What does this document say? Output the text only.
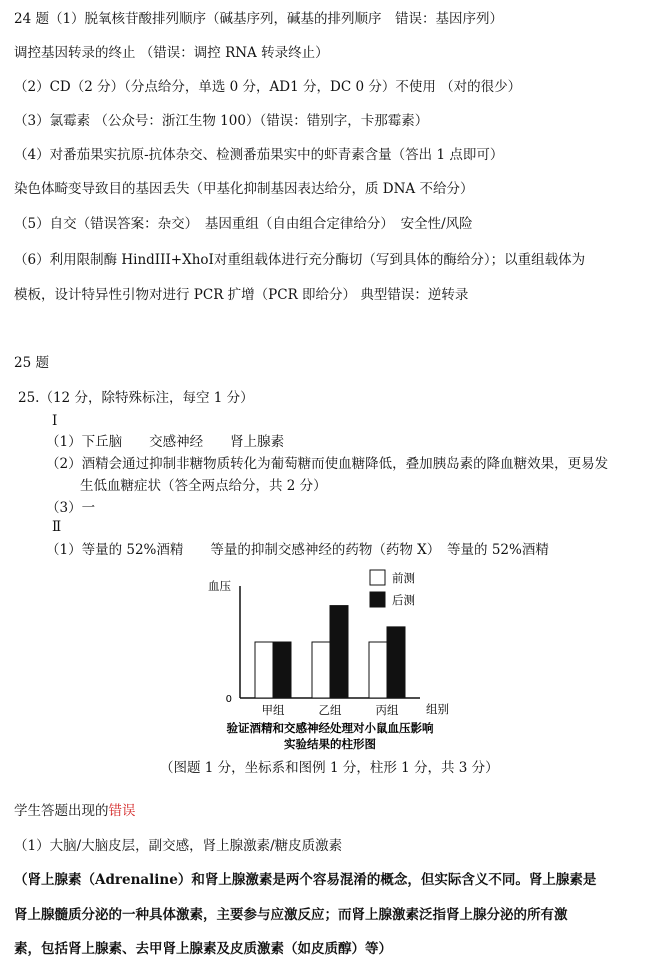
24 题（1）脱氧核苷酸排列顺序（碱基序列，碱基的排列顺序　错误：基因序列）
调控基因转录的终止 （错误：调控 RNA 转录终止）
（2）CD（2 分）（分点给分，单选 0 分，AD1 分，DC 0 分）不使用 （对的很少）
（3）氯霉素 （公众号：浙江生物 100）（错误：错别字，卡那霉素）
（4）对番茄果实抗原-抗体杂交、检测番茄果实中的虾青素含量（答出 1 点即可）
染色体畸变导致目的基因丢失（甲基化抑制基因表达给分，质 DNA 不给分）
（5）自交（错误答案：杂交）　基因重组（自由组合定律给分）　安全性/风险
（6）利用限制酶 HindIII+XhoI对重组载体进行充分酶切（写到具体的酶给分）；以重组载体为
模板，设计特异性引物对进行 PCR 扩增（PCR 即给分） 典型错误：逆转录
25 题
25.（12 分，除特殊标注，每空 1 分）
Ⅰ
（1）下丘脑　　交感神经　　肾上腺素
（2）酒精会通过抑制非糖物质转化为葡萄糖而使血糖降低，叠加胰岛素的降血糖效果，更易发
生低血糖症状（答全两点给分，共 2 分）
（3）一
Ⅱ
（1）等量的 52%酒精　　等量的抑制交感神经的药物（药物 X）　等量的 52%酒精
血压
0
组别
甲组	乙组	丙组
前测
后测
验证酒精和交感神经处理对小鼠血压影响
实验结果的柱形图
（图题 1 分，坐标系和图例 1 分，柱形 1 分，共 3 分）
学生答题出现的错误
（1）大脑/大脑皮层，副交感，肾上腺激素/糖皮质激素
（肾上腺素（Adrenaline）和肾上腺激素是两个容易混淆的概念，但实际含义不同。肾上腺素是
肾上腺髓质分泌的一种具体激素，主要参与应激反应；而肾上腺激素泛指肾上腺分泌的所有激
素，包括肾上腺素、去甲肾上腺素及皮质激素（如皮质醇）等）
